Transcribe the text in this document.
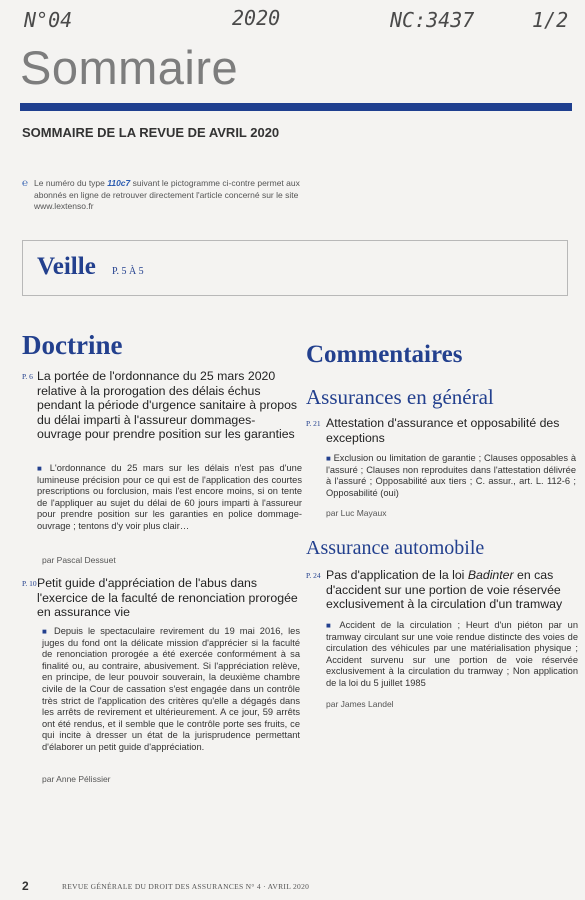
N°04	2020	NC:3437	1/2
Sommaire
SOMMAIRE DE LA REVUE DE AVRIL 2020
℮ Le numéro du type 110c7 suivant le pictogramme ci-contre permet aux abonnés en ligne de retrouver directement l'article concerné sur le site www.lextenso.fr
Veille P. 5 À 5
Doctrine
P. 6 La portée de l'ordonnance du 25 mars 2020 relative à la prorogation des délais échus pendant la période d'urgence sanitaire à propos du délai imparti à l'assureur dommages-ouvrage pour prendre position sur les garanties
■ L'ordonnance du 25 mars sur les délais n'est pas d'une lumineuse précision pour ce qui est de l'application des courtes prescriptions ou forclusion, mais l'est encore moins, si on tente de l'appliquer au sujet du délai de 60 jours imparti à l'assureur pour prendre position sur les garanties en police dommage-ouvrage ; tentons d'y voir plus clair…
par Pascal Dessuet
P. 10 Petit guide d'appréciation de l'abus dans l'exercice de la faculté de renonciation prorogée en assurance vie
■ Depuis le spectaculaire revirement du 19 mai 2016, les juges du fond ont la délicate mission d'apprécier si la faculté de renonciation prorogée a été exercée conformément à sa finalité ou, au contraire, abusivement. Si l'appréciation relève, en principe, de leur pouvoir souverain, la deuxième chambre civile de la Cour de cassation s'est engagée dans un contrôle très strict de l'application des critères qu'elle a dégagés dans les arrêts de revirement et ultérieurement. A ce jour, 59 arrêts ont été rendus, et il semble que le contrôle porte ses fruits, ce qui incite à dresser un état de la jurisprudence permettant d'élaborer un petit guide d'appréciation.
par Anne Pélissier
Commentaires
Assurances en général
P. 21 Attestation d'assurance et opposabilité des exceptions
■ Exclusion ou limitation de garantie ; Clauses opposables à l'assuré ; Clauses non reproduites dans l'attestation délivrée à l'assuré ; Opposabilité aux tiers ; C. assur., art. L. 112-6 ; Opposabilité (oui)
par Luc Mayaux
Assurance automobile
P. 24 Pas d'application de la loi Badinter en cas d'accident sur une portion de voie réservée exclusivement à la circulation d'un tramway
■ Accident de la circulation ; Heurt d'un piéton par un tramway circulant sur une voie rendue distincte des voies de circulation des véhicules par une matérialisation physique ; Accident survenu sur une portion de voie réservée exclusivement à la circulation du tramway ; Non application de la loi du 5 juillet 1985
par James Landel
2	REVUE GÉNÉRALE DU DROIT DES ASSURANCES N° 4 · AVRIL 2020
